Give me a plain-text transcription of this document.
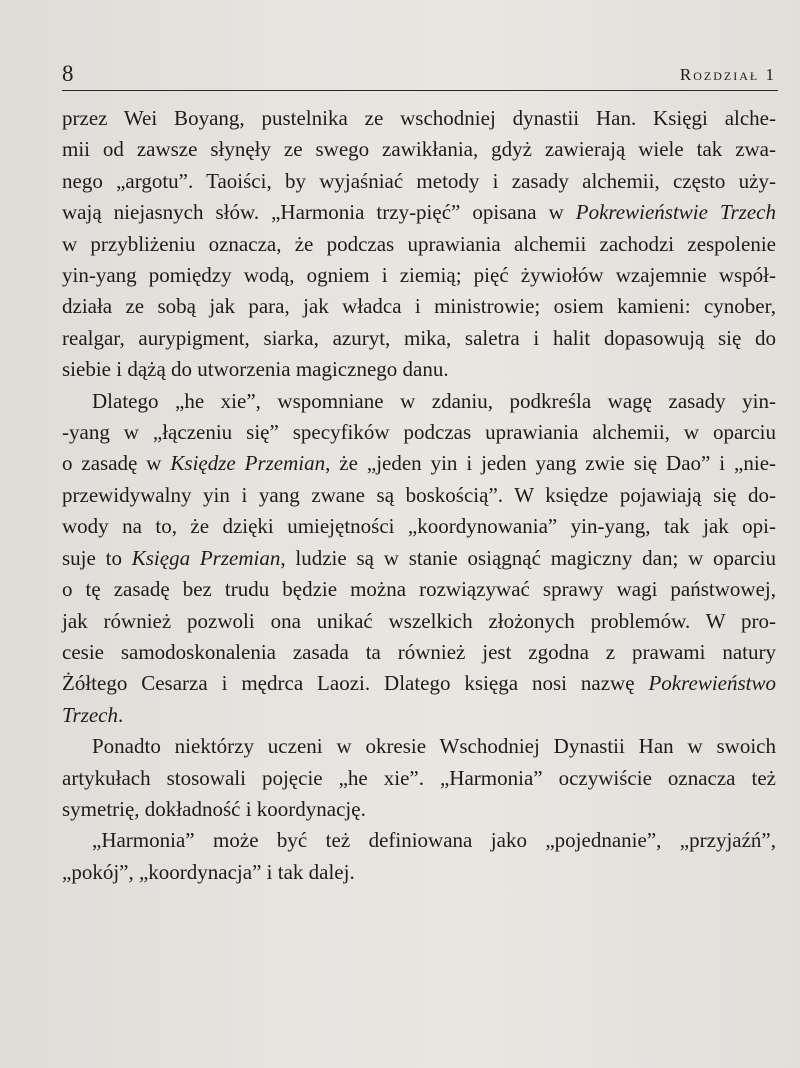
8	Rozdział 1
przez Wei Boyang, pustelnika ze wschodniej dynastii Han. Księgi alche-
mii od zawsze słynęły ze swego zawikłania, gdyż zawierają wiele tak zwa-
nego „argotu”. Taoiści, by wyjaśniać metody i zasady alchemii, często uży-
wają niejasnych słów. „Harmonia trzy-pięć” opisana w Pokrewieństwie Trzech
w przybliżeniu oznacza, że podczas uprawiania alchemii zachodzi zespolenie
yin-yang pomiędzy wodą, ogniem i ziemią; pięć żywiołów wzajemnie współ-
działa ze sobą jak para, jak władca i ministrowie; osiem kamieni: cynober,
realgar, aurypigment, siarka, azuryt, mika, saletra i halit dopasowują się do
siebie i dążą do utworzenia magicznego danu.
Dlatego „he xie”, wspomniane w zdaniu, podkreśla wagę zasady yin-
-yang w „łączeniu się” specyfików podczas uprawiania alchemii, w oparciu
o zasadę w Księdze Przemian, że „jeden yin i jeden yang zwie się Dao” i „nie-
przewidywalny yin i yang zwane są boskością”. W księdze pojawiają się do-
wody na to, że dzięki umiejętności „koordynowania” yin-yang, tak jak opi-
suje to Księga Przemian, ludzie są w stanie osiągnąć magiczny dan; w oparciu
o tę zasadę bez trudu będzie można rozwiązywać sprawy wagi państwowej,
jak również pozwoli ona unikać wszelkich złożonych problemów. W pro-
cesie samodoskonalenia zasada ta również jest zgodna z prawami natury
Żółtego Cesarza i mędrca Laozi. Dlatego księga nosi nazwę Pokrewieństwo
Trzech.
Ponadto niektórzy uczeni w okresie Wschodniej Dynastii Han w swoich
artykułach stosowali pojęcie „he xie”. „Harmonia” oczywiście oznacza też
symetrię, dokładność i koordynację.
„Harmonia” może być też definiowana jako „pojednanie”, „przyjaźń”,
„pokój”, „koordynacja” i tak dalej.
